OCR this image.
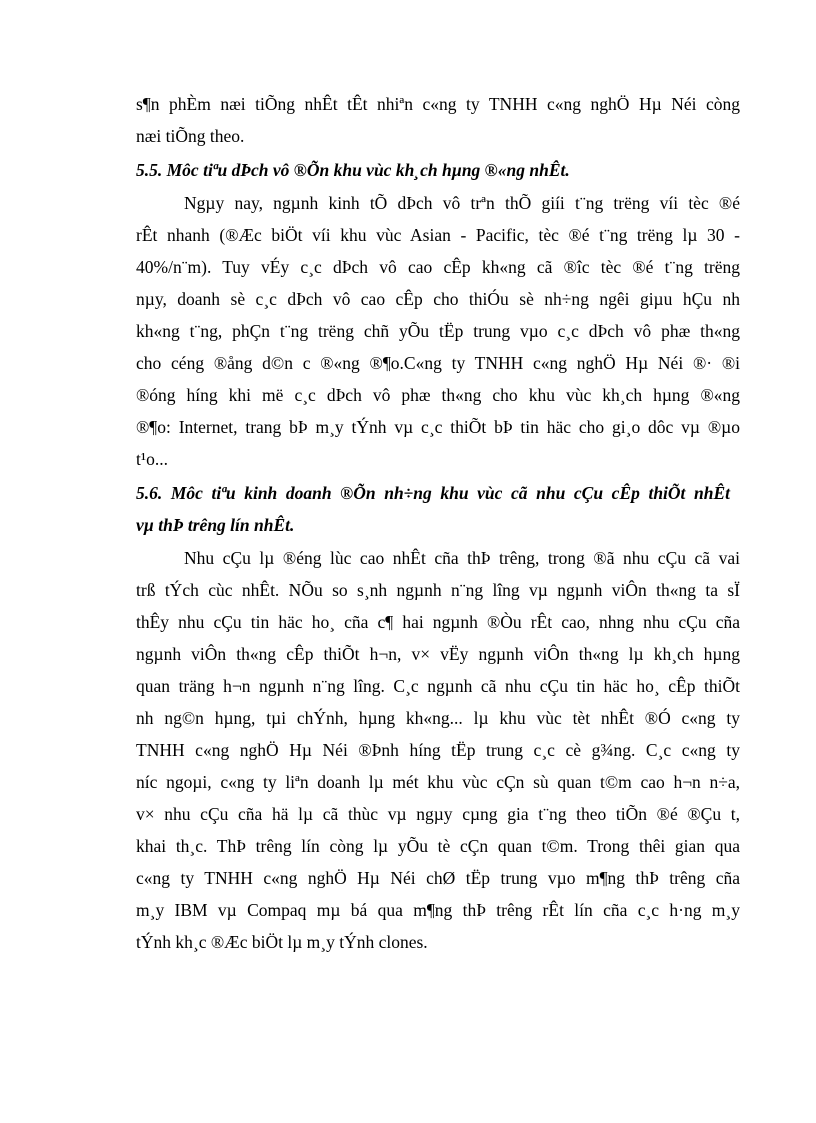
s¶n phÈm næi tiÕng nhÊt tÊt nhiªn c«ng ty TNHH c«ng nghÖ Hµ Néi còng
næi tiÕng theo.
5.5. Môc tiªu dÞch vô ®Õn khu vùc kh¸ch hµng ®«ng nhÊt.
Ngµy nay, ngµnh kinh tÕ dÞch vô trªn thÕ giíi t¨ng trëng víi tèc ®é
rÊt nhanh (®Æc biÖt víi khu vùc Asian - Pacific, tèc ®é t¨ng trëng lµ 30 -
40%/n¨m). Tuy vÉy c¸c dÞch vô cao cÊp kh«ng cã ®îc tèc ®é t¨ng trëng
nµy, doanh sè c¸c dÞch vô cao cÊp cho thiÓu sè nh÷ng ngêi giµu hÇu nh
kh«ng t¨ng, phÇn t¨ng trëng chñ yÕu tËp trung vµo c¸c dÞch vô phæ th«ng
cho céng ®ång d©n c ®«ng ®¶o.C«ng ty TNHH c«ng nghÖ Hµ Néi ®· ®i
®óng híng khi më c¸c dÞch vô phæ th«ng cho khu vùc kh¸ch hµng ®«ng
®¶o: Internet, trang bÞ m¸y tÝnh vµ c¸c thiÕt bÞ tin häc cho gi¸o dôc vµ ®µo
t¹o...
5.6. Môc tiªu kinh doanh ®Õn nh÷ng khu vùc cã nhu cÇu cÊp thiÕt nhÊt
vµ thÞ trêng lín nhÊt.
Nhu cÇu lµ ®éng lùc cao nhÊt cña thÞ trêng, trong ®ã nhu cÇu cã vai
trß tÝch cùc nhÊt. NÕu so s¸nh ngµnh n¨ng lîng vµ ngµnh viÔn th«ng ta sÏ
thÊy nhu cÇu tin häc ho¸ cña c¶ hai ngµnh ®Òu rÊt cao, nhng nhu cÇu cña
ngµnh viÔn th«ng cÊp thiÕt h¬n, v× vËy ngµnh viÔn th«ng lµ kh¸ch hµng
quan träng h¬n ngµnh n¨ng lîng. C¸c ngµnh cã nhu cÇu tin häc ho¸ cÊp thiÕt
nh ng©n hµng, tµi chÝnh, hµng kh«ng... lµ khu vùc tèt nhÊt ®Ó c«ng ty
TNHH c«ng nghÖ Hµ Néi ®Þnh híng tËp trung c¸c cè g¾ng. C¸c c«ng ty
níc ngoµi, c«ng ty liªn doanh lµ mét khu vùc cÇn sù quan t©m cao h¬n n÷a,
v× nhu cÇu cña hä lµ cã thùc vµ ngµy cµng gia t¨ng theo tiÕn ®é ®Çu t,
khai th¸c. ThÞ trêng lín còng lµ yÕu tè cÇn quan t©m. Trong thêi gian qua
c«ng ty TNHH c«ng nghÖ Hµ Néi chØ tËp trung vµo m¶ng thÞ trêng cña
m¸y IBM vµ Compaq mµ bá qua m¶ng thÞ trêng rÊt lín cña c¸c h·ng m¸y
tÝnh kh¸c ®Æc biÖt lµ m¸y tÝnh clones.
